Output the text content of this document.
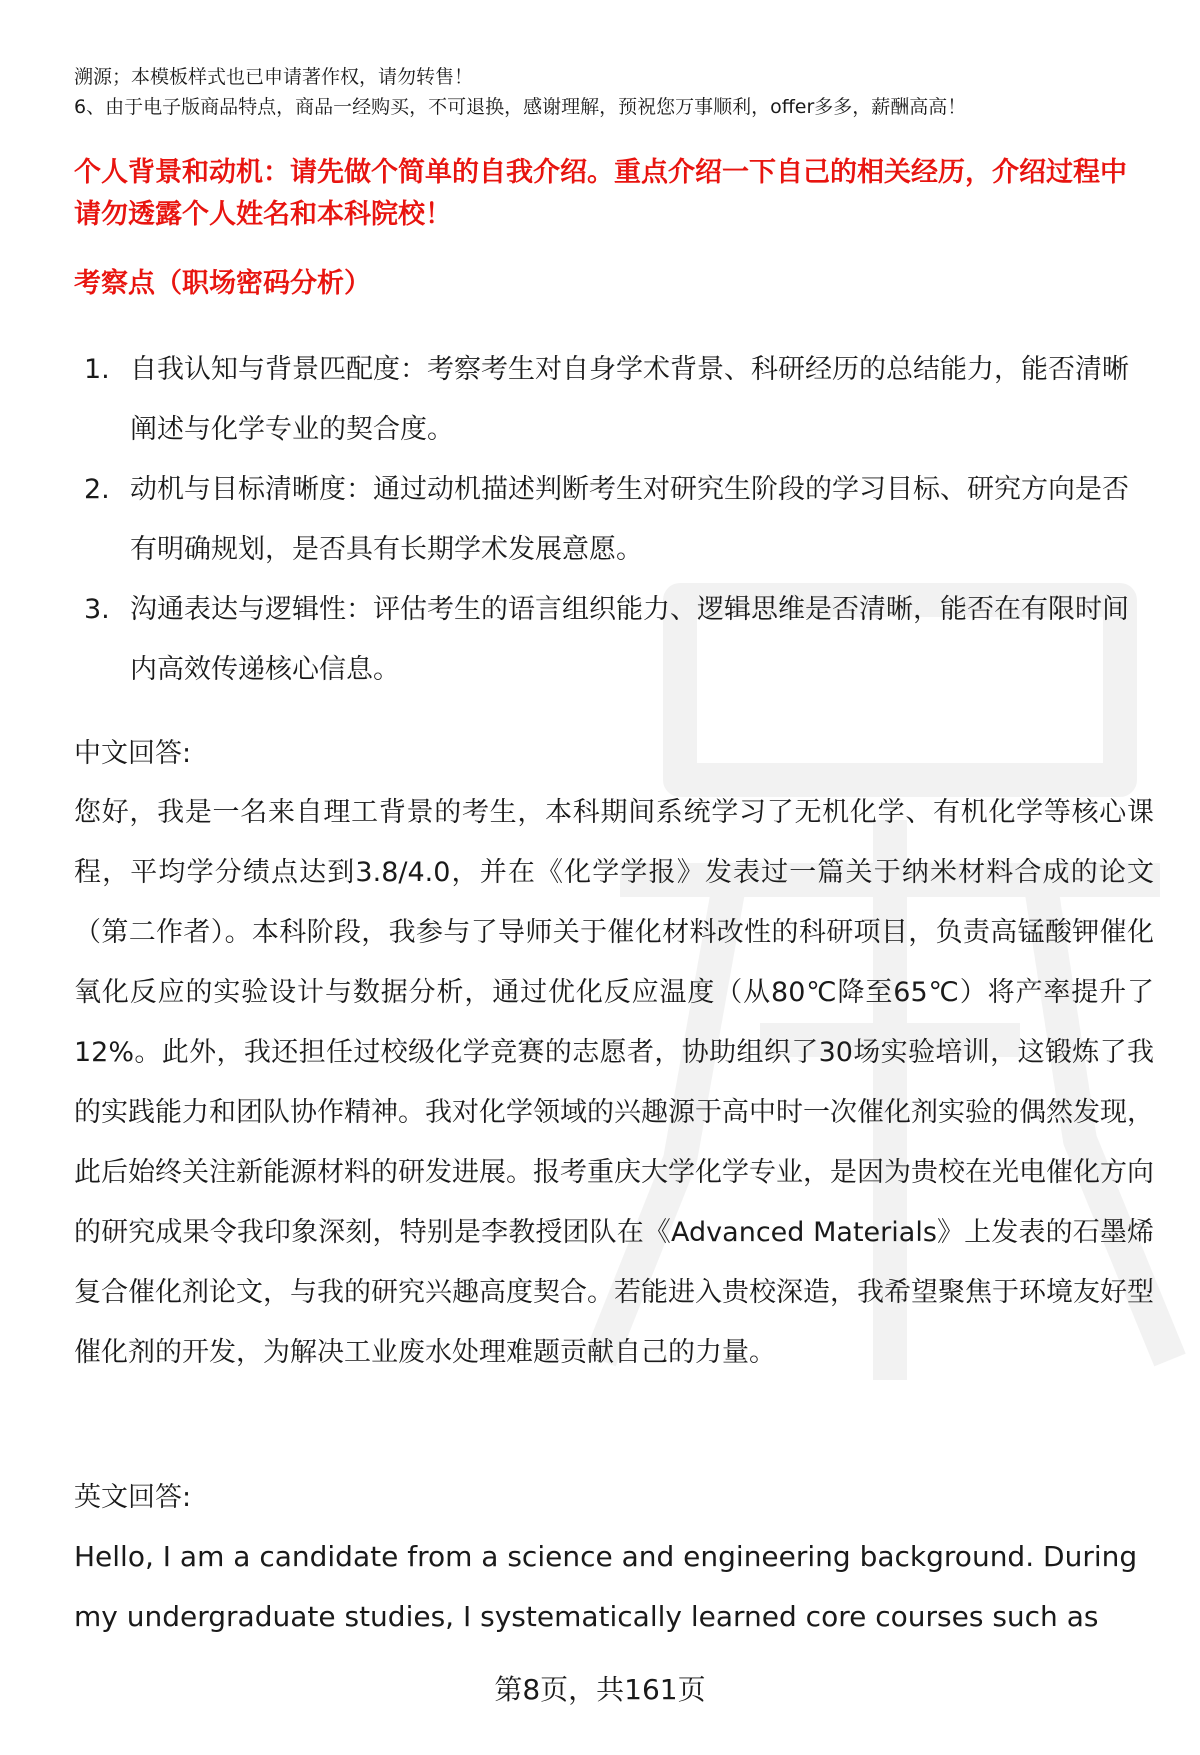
溯源；本模板样式也已申请著作权，请勿转售！
6、由于电子版商品特点，商品一经购买，不可退换，感谢理解，预祝您万事顺利，offer多多，薪酬高高！
个人背景和动机：请先做个简单的自我介绍。重点介绍一下自己的相关经历，介绍过程中请勿透露个人姓名和本科院校！
考察点（职场密码分析）
1. 自我认知与背景匹配度：考察考生对自身学术背景、科研经历的总结能力，能否清晰阐述与化学专业的契合度。
2. 动机与目标清晰度：通过动机描述判断考生对研究生阶段的学习目标、研究方向是否有明确规划，是否具有长期学术发展意愿。
3. 沟通表达与逻辑性：评估考生的语言组织能力、逻辑思维是否清晰，能否在有限时间内高效传递核心信息。
中文回答:
您好，我是一名来自理工背景的考生，本科期间系统学习了无机化学、有机化学等核心课程，平均学分绩点达到3.8/4.0，并在《化学学报》发表过一篇关于纳米材料合成的论文（第二作者）。本科阶段，我参与了导师关于催化材料改性的科研项目，负责高锰酸钾催化氧化反应的实验设计与数据分析，通过优化反应温度（从80℃降至65℃）将产率提升了12%。此外，我还担任过校级化学竞赛的志愿者，协助组织了30场实验培训，这锻炼了我的实践能力和团队协作精神。我对化学领域的兴趣源于高中时一次催化剂实验的偶然发现，此后始终关注新能源材料的研发进展。报考重庆大学化学专业，是因为贵校在光电催化方向的研究成果令我印象深刻，特别是李教授团队在《Advanced Materials》上发表的石墨烯复合催化剂论文，与我的研究兴趣高度契合。若能进入贵校深造，我希望聚焦于环境友好型催化剂的开发，为解决工业废水处理难题贡献自己的力量。
英文回答:
Hello, I am a candidate from a science and engineering background. During my undergraduate studies, I systematically learned core courses such as
第8页，共161页
